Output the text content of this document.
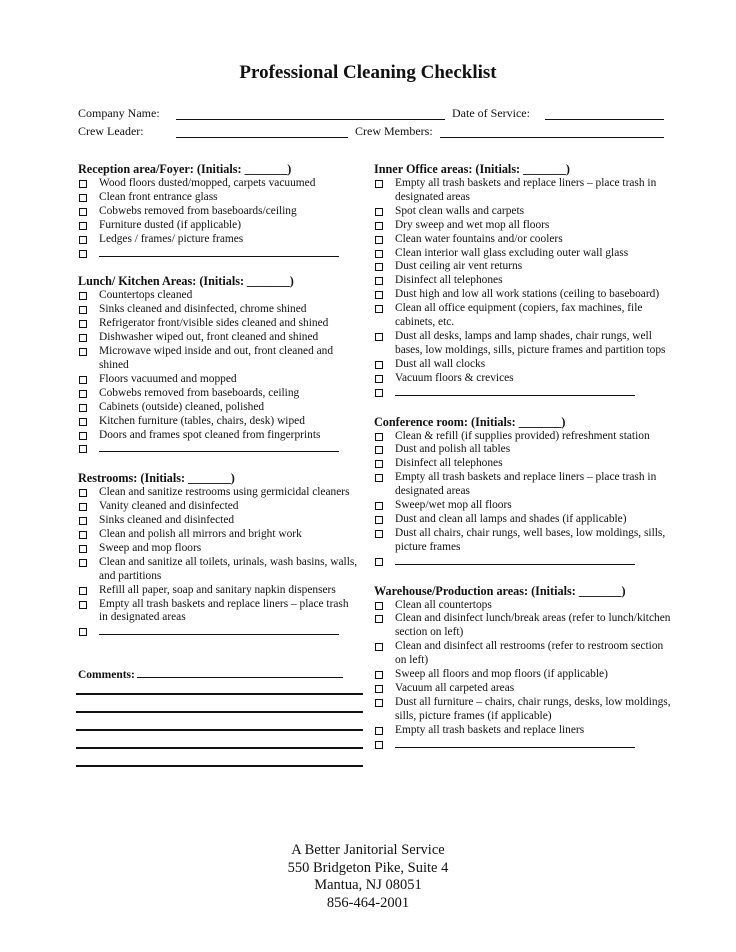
Professional Cleaning Checklist
Company Name:	Date of Service:
Crew Leader:	Crew Members:
Reception area/Foyer: (Initials: _______)
Wood floors dusted/mopped, carpets vacuumed
Clean front entrance glass
Cobwebs removed from baseboards/ceiling
Furniture dusted (if applicable)
Ledges / frames/ picture frames
Lunch/ Kitchen Areas: (Initials: _______)
Countertops cleaned
Sinks cleaned and disinfected, chrome shined
Refrigerator front/visible sides cleaned and shined
Dishwasher wiped out, front cleaned and shined
Microwave wiped inside and out, front cleaned and shined
Floors vacuumed and mopped
Cobwebs removed from baseboards, ceiling
Cabinets (outside) cleaned, polished
Kitchen furniture (tables, chairs, desk) wiped
Doors and frames spot cleaned from fingerprints
Restrooms: (Initials: _______)
Clean and sanitize restrooms using germicidal cleaners
Vanity cleaned and disinfected
Sinks cleaned and disinfected
Clean and polish all mirrors and bright work
Sweep and mop floors
Clean and sanitize all toilets, urinals, wash basins, walls, and partitions
Refill all paper, soap and sanitary napkin dispensers
Empty all trash baskets and replace liners – place trash in designated areas
Inner Office areas: (Initials: _______)
Empty all trash baskets and replace liners – place trash in designated areas
Spot clean walls and carpets
Dry sweep and wet mop all floors
Clean water fountains and/or coolers
Clean interior wall glass excluding outer wall glass
Dust ceiling air vent returns
Disinfect all telephones
Dust high and low all work stations (ceiling to baseboard)
Clean all office equipment (copiers, fax machines, file cabinets, etc.
Dust all desks, lamps and lamp shades, chair rungs, well bases, low moldings, sills, picture frames and partition tops
Dust all wall clocks
Vacuum floors & crevices
Conference room: (Initials: _______)
Clean & refill (if supplies provided) refreshment station
Dust and polish all tables
Disinfect all telephones
Empty all trash baskets and replace liners – place trash in designated areas
Sweep/wet mop all floors
Dust and clean all lamps and shades (if applicable)
Dust all chairs, chair rungs, well bases, low moldings, sills, picture frames
Warehouse/Production areas: (Initials: _______)
Clean all countertops
Clean and disinfect lunch/break areas (refer to lunch/kitchen section on left)
Clean and disinfect all restrooms (refer to restroom section on left)
Sweep all floors and mop floors (if applicable)
Vacuum all carpeted areas
Dust all furniture – chairs, chair rungs, desks, low moldings, sills, picture frames (if applicable)
Empty all trash baskets and replace liners
Comments:
A Better Janitorial Service
550 Bridgeton Pike, Suite 4
Mantua, NJ 08051
856-464-2001
